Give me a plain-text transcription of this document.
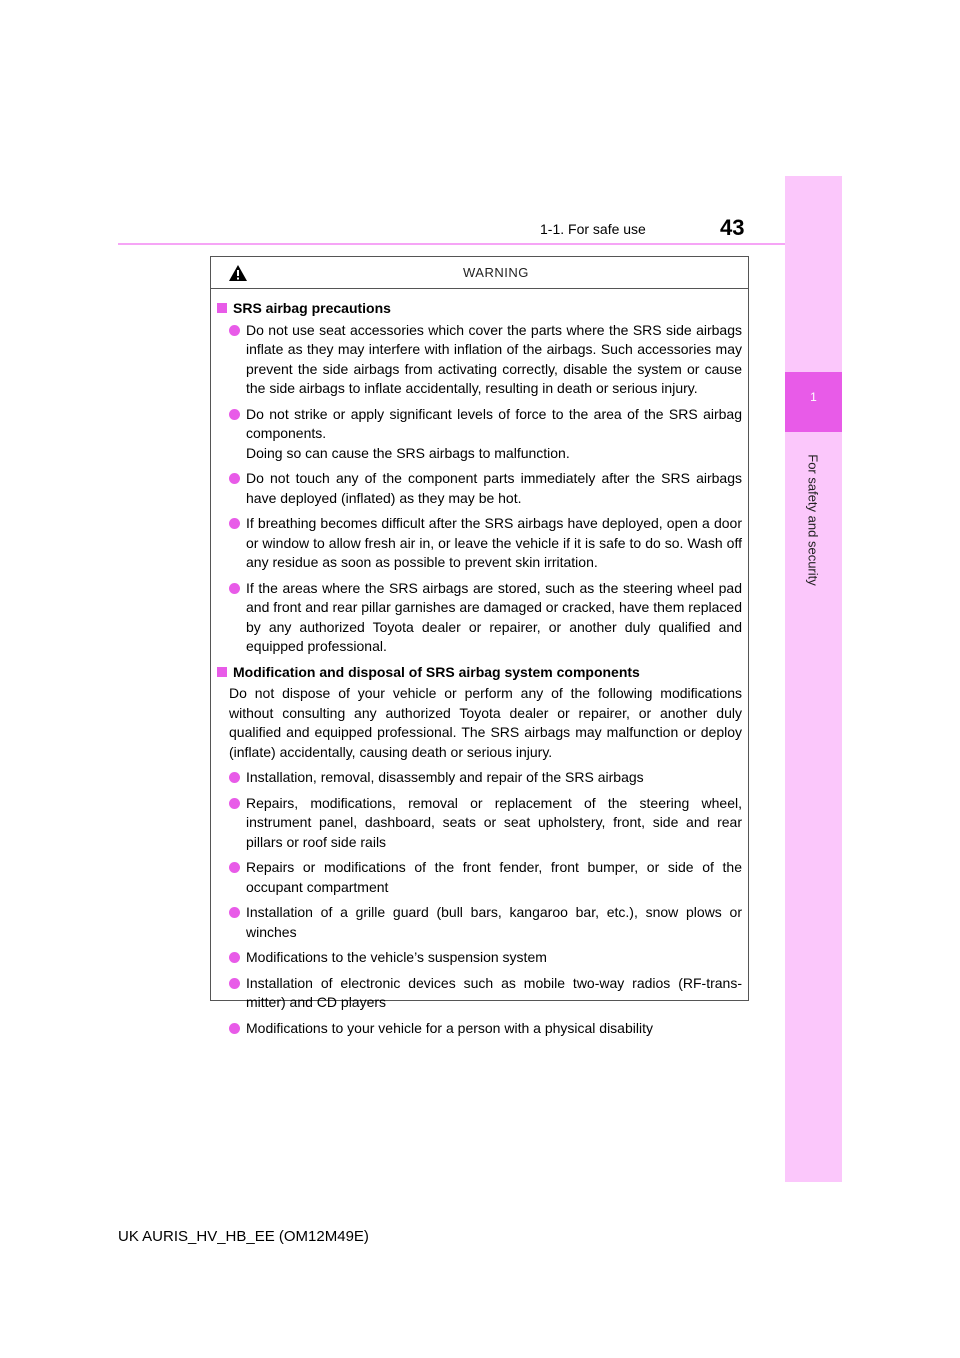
1
For safety and security
1-1. For safe use	43
WARNING
SRS airbag precautions
Do not use seat accessories which cover the parts where the SRS side airbags inflate as they may interfere with inflation of the airbags. Such accessories may prevent the side airbags from activating correctly, disable the system or cause the side airbags to inflate accidentally, resulting in death or serious injury.
Do not strike or apply significant levels of force to the area of the SRS airbag components.
Doing so can cause the SRS airbags to malfunction.
Do not touch any of the component parts immediately after the SRS airbags have deployed (inflated) as they may be hot.
If breathing becomes difficult after the SRS airbags have deployed, open a door or window to allow fresh air in, or leave the vehicle if it is safe to do so. Wash off any residue as soon as possible to prevent skin irritation.
If the areas where the SRS airbags are stored, such as the steering wheel pad and front and rear pillar garnishes are damaged or cracked, have them replaced by any authorized Toyota dealer or repairer, or another duly qualified and equipped professional.
Modification and disposal of SRS airbag system components
Do not dispose of your vehicle or perform any of the following modifications without consulting any authorized Toyota dealer or repairer, or another duly qualified and equipped professional. The SRS airbags may malfunction or deploy (inflate) accidentally, causing death or serious injury.
Installation, removal, disassembly and repair of the SRS airbags
Repairs, modifications, removal or replacement of the steering wheel, instrument panel, dashboard, seats or seat upholstery, front, side and rear pillars or roof side rails
Repairs or modifications of the front fender, front bumper, or side of the occupant compartment
Installation of a grille guard (bull bars, kangaroo bar, etc.), snow plows or winches
Modifications to the vehicle’s suspension system
Installation of electronic devices such as mobile two-way radios (RF-trans-mitter) and CD players
Modifications to your vehicle for a person with a physical disability
UK AURIS_HV_HB_EE (OM12M49E)
